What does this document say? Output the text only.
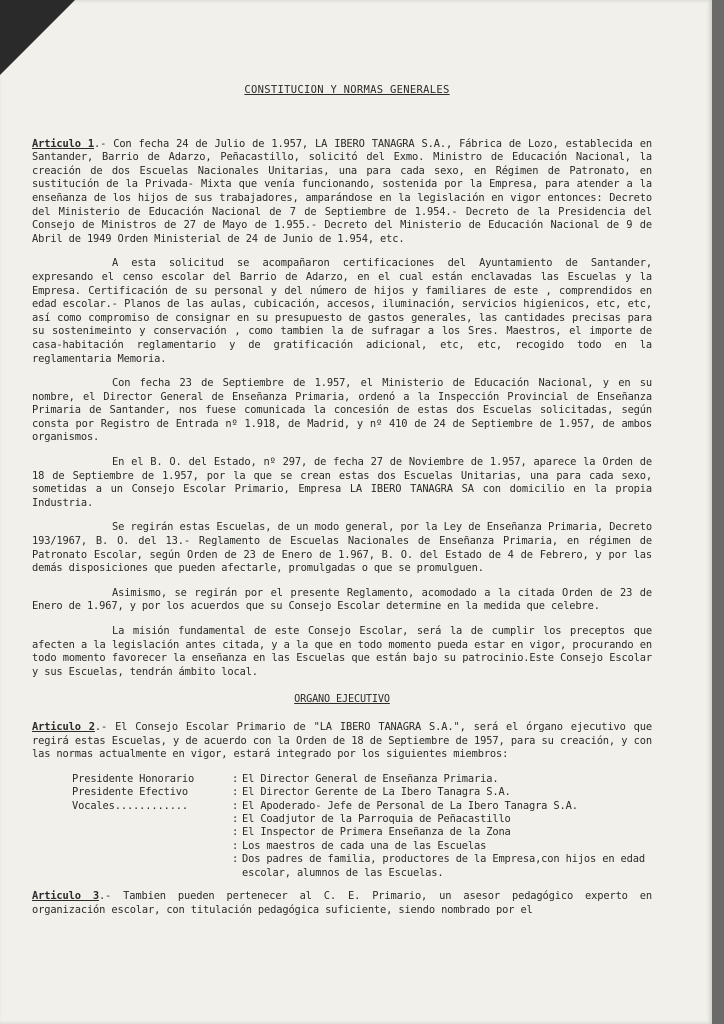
CONSTITUCION Y NORMAS GENERALES

Articulo 1.- Con fecha 24 de Julio de 1.957, LA IBERO TANAGRA S.A., Fábrica de Lozo, establecida en Santander, Barrio de Adarzo, Peñacastillo, solicitó del Exmo. Ministro de Educación Nacional, la creación de dos Escuelas Nacionales Unitarias, una para cada sexo, en Régimen de Patronato, en sustitución de la Privada- Mixta que venía funcionando, sostenida por la Empresa, para atender a la enseñanza de los hijos de sus trabajadores, amparándose en la legislación en vigor entonces: Decreto del Ministerio de Educación Nacional de 7 de Septiembre de 1.954.- Decreto de la Presidencia del Consejo de Ministros de 27 de Mayo de 1.955.- Decreto del Ministerio de Educación Nacional de 9 de Abril de 1949 Orden Ministerial de 24 de Junio de 1.954, etc.

A esta solicitud se acompañaron certificaciones del Ayuntamiento de Santander, expresando el censo escolar del Barrio de Adarzo, en el cual están enclavadas las Escuelas y la Empresa. Certificación de su personal y del número de hijos y familiares de este , comprendidos en edad escolar.- Planos de las aulas, cubicación, accesos, iluminación, servicios higienicos, etc, etc, así como compromiso de consignar en su presupuesto de gastos generales, las cantidades precisas para su sostenimeinto y conservación , como tambien la de sufragar a los Sres. Maestros, el importe de casa-habitación reglamentario y de gratificación adicional, etc, etc, recogido todo en la reglamentaria Memoria.

Con fecha 23 de Septiembre de 1.957, el Ministerio de Educación Nacional, y en su nombre, el Director General de Enseñanza Primaria, ordenó a la Inspección Provincial de Enseñanza Primaria de Santander, nos fuese comunicada la concesión de estas dos Escuelas solicitadas, según consta por Registro de Entrada nº 1.918, de Madrid, y nº 410 de 24 de Septiembre de 1.957, de ambos organismos.

En el B. O. del Estado, nº 297, de fecha 27 de Noviembre de 1.957, aparece la Orden de 18 de Septiembre de 1.957, por la que se crean estas dos Escuelas Unitarias, una para cada sexo, sometidas a un Consejo Escolar Primario, Empresa LA IBERO TANAGRA SA con domicilio en la propia Industria.

Se regirán estas Escuelas, de un modo general, por la Ley de Enseñanza Primaria, Decreto 193/1967, B. O. del 13.- Reglamento de Escuelas Nacionales de Enseñanza Primaria, en régimen de Patronato Escolar, según Orden de 23 de Enero de 1.967, B. O. del Estado de 4 de Febrero, y por las demás disposiciones que pueden afectarle, promulgadas o que se promulguen.

Asimismo, se regirán por el presente Reglamento, acomodado a la citada Orden de 23 de Enero de 1.967, y por los acuerdos que su Consejo Escolar determine en la medida que celebre.

La misión fundamental de este Consejo Escolar, será la de cumplir los preceptos que afecten a la legislación antes citada, y a la que en todo momento pueda estar en vigor, procurando en todo momento favorecer la enseñanza en las Escuelas que están bajo su patrocinio.Este Consejo Escolar y sus Escuelas, tendrán ámbito local.

ORGANO EJECUTIVO

Articulo 2.- El Consejo Escolar Primario de "LA IBERO TANAGRA S.A.", será el órgano ejecutivo que regirá estas Escuelas, y de acuerdo con la Orden de 18 de Septiembre de 1957, para su creación, y con las normas actualmente en vigor, estará integrado por los siguientes miembros:

Presidente Honorario	: El Director General de Enseñanza Primaria.
Presidente Efectivo	: El Director Gerente de La Ibero Tanagra S.A.
Vocales............	: El Apoderado- Jefe de Personal de La Ibero Tanagra S.A.
: El Coadjutor de la Parroquia de Peñacastillo
: El Inspector de Primera Enseñanza de la Zona
: Los maestros de cada una de las Escuelas
: Dos padres de familia, productores de la Empresa,con hijos en edad escolar, alumnos de las Escuelas.

Articulo 3.- Tambien pueden pertenecer al C. E. Primario, un asesor pedagógico experto en organización escolar, con titulación pedagógica suficiente, siendo nombrado por el
